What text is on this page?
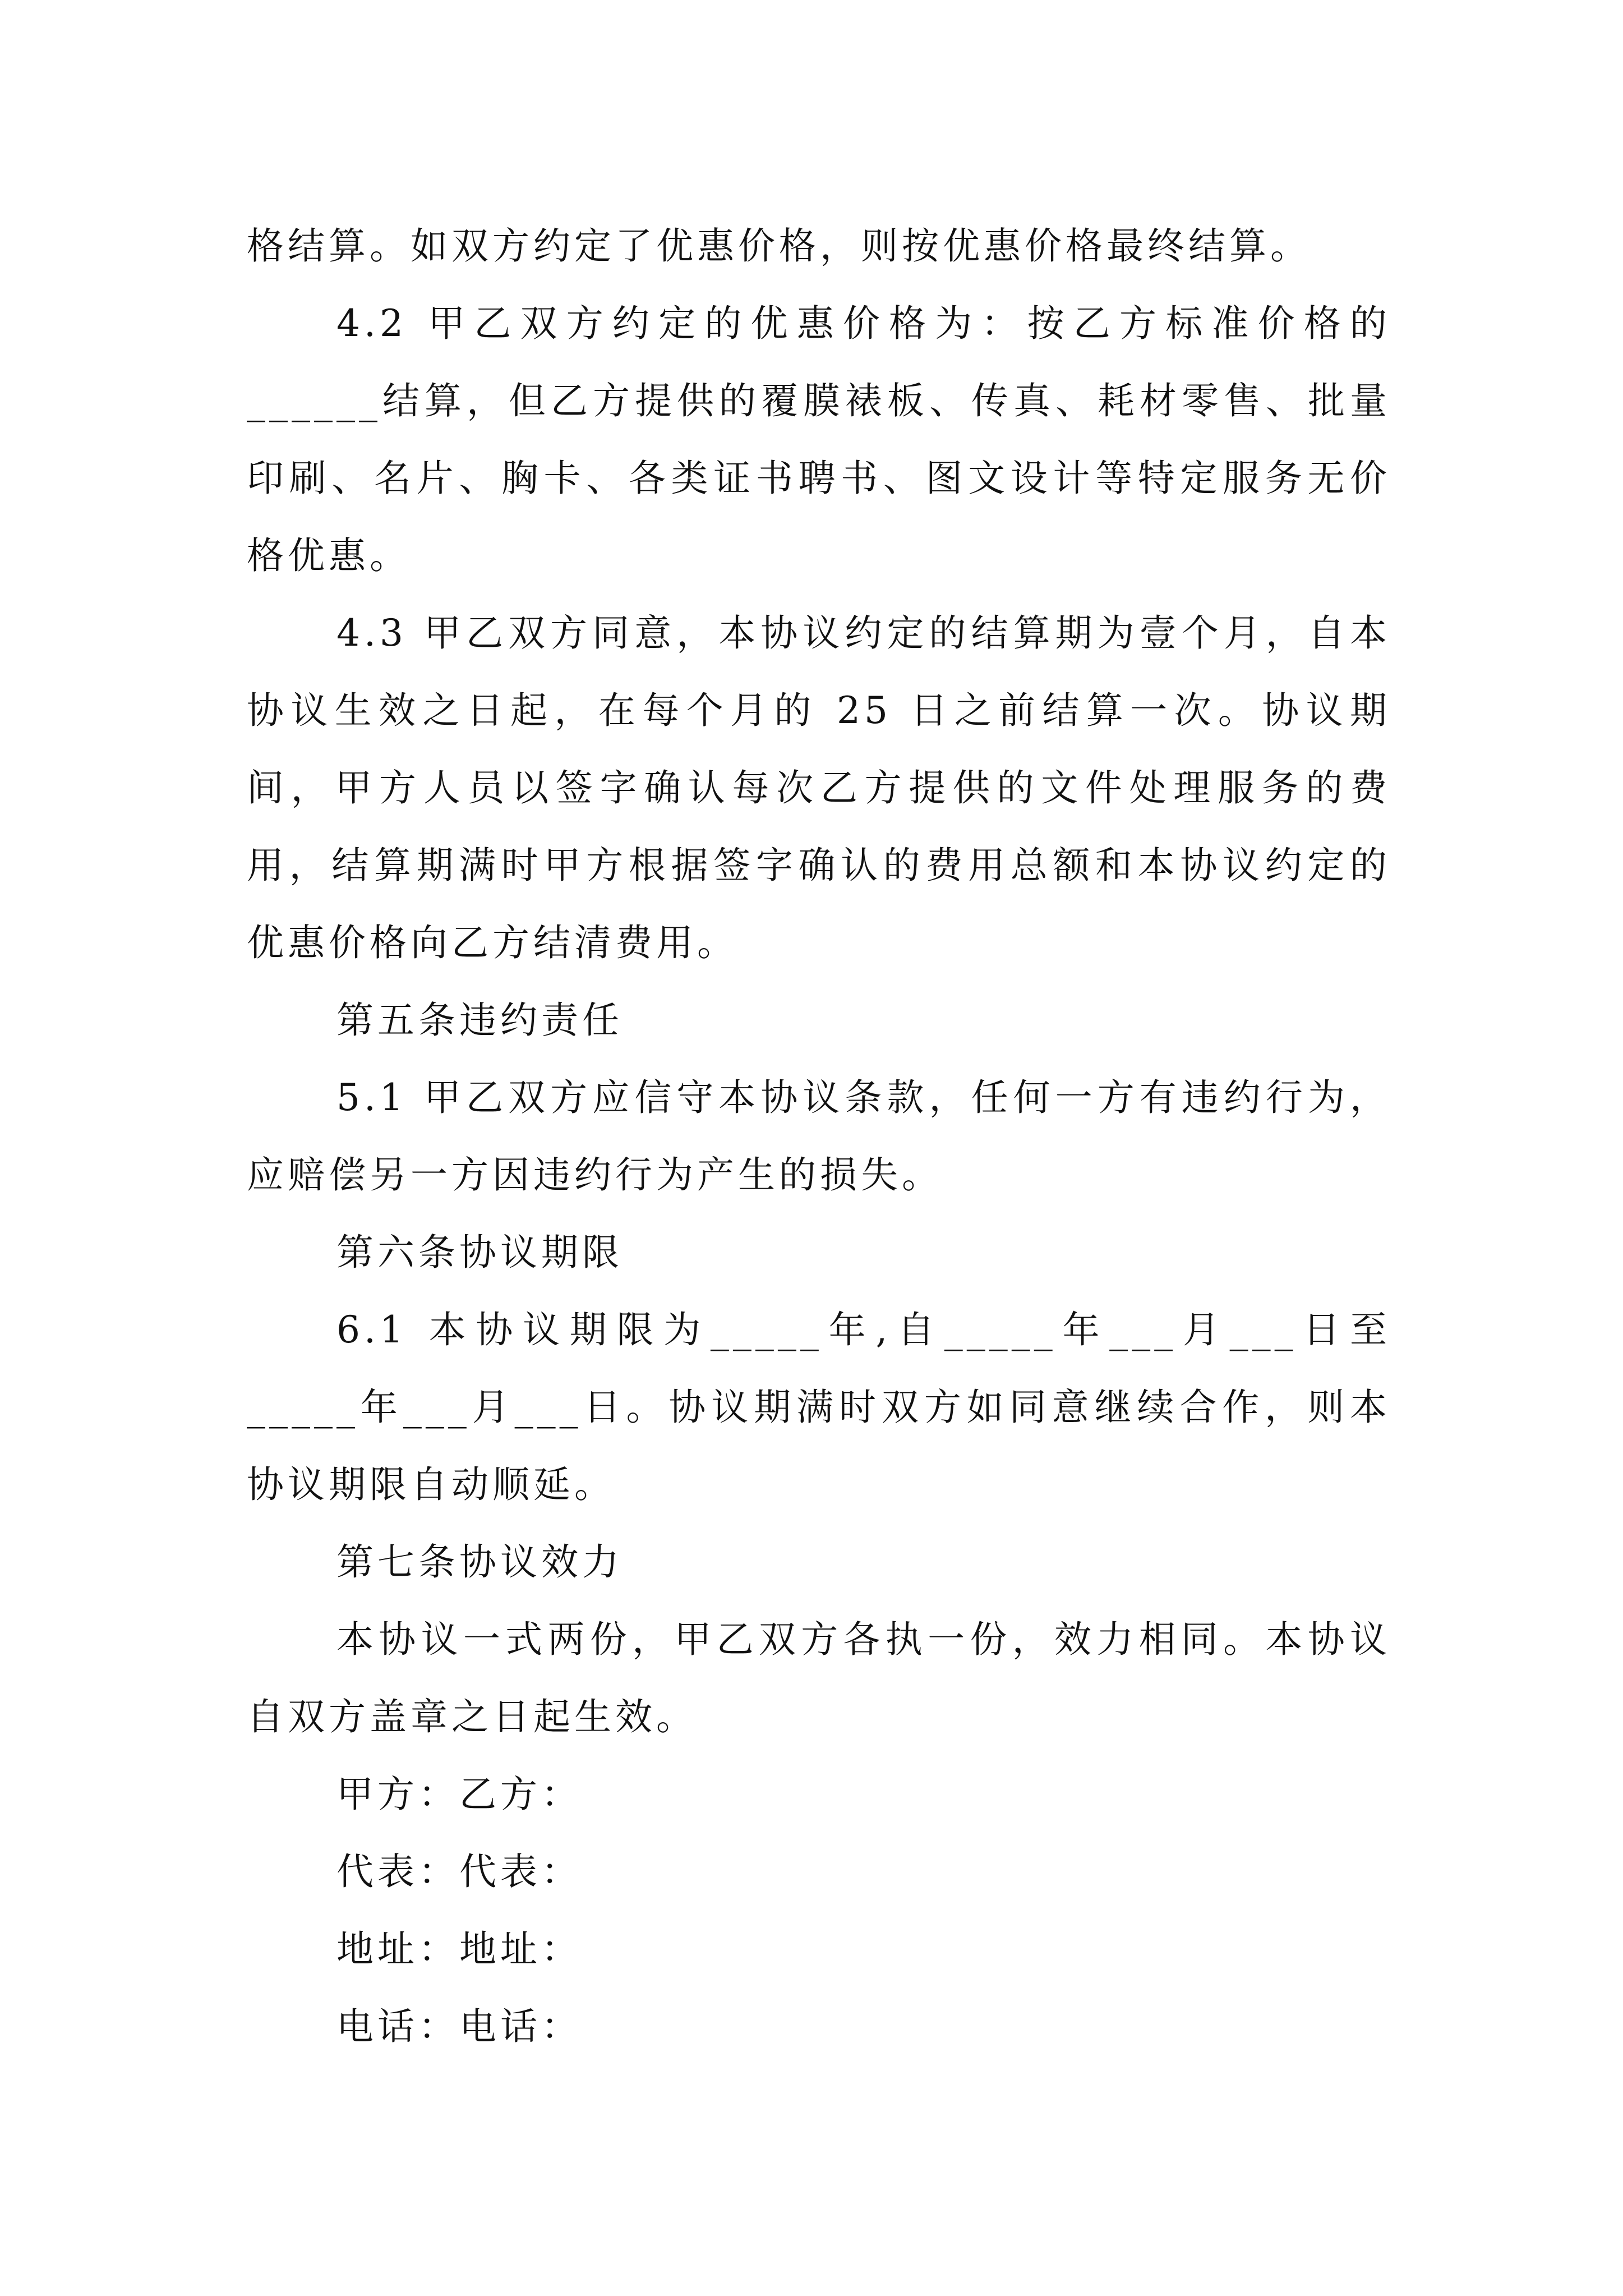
格结算。如双方约定了优惠价格，则按优惠价格最终结算。

4.2 甲乙双方约定的优惠价格为：按乙方标准价格的______结算，但乙方提供的覆膜裱板、传真、耗材零售、批量印刷、名片、胸卡、各类证书聘书、图文设计等特定服务无价格优惠。

4.3 甲乙双方同意，本协议约定的结算期为壹个月，自本协议生效之日起，在每个月的 25 日之前结算一次。协议期间，甲方人员以签字确认每次乙方提供的文件处理服务的费用，结算期满时甲方根据签字确认的费用总额和本协议约定的优惠价格向乙方结清费用。

第五条违约责任

5.1 甲乙双方应信守本协议条款，任何一方有违约行为，应赔偿另一方因违约行为产生的损失。

第六条协议期限

6.1 本协议期限为_____年,自_____年___月___日至_____年___月___日。协议期满时双方如同意继续合作，则本协议期限自动顺延。

第七条协议效力

本协议一式两份，甲乙双方各执一份，效力相同。本协议自双方盖章之日起生效。

甲方：乙方：

代表：代表：

地址：地址：

电话：电话：
